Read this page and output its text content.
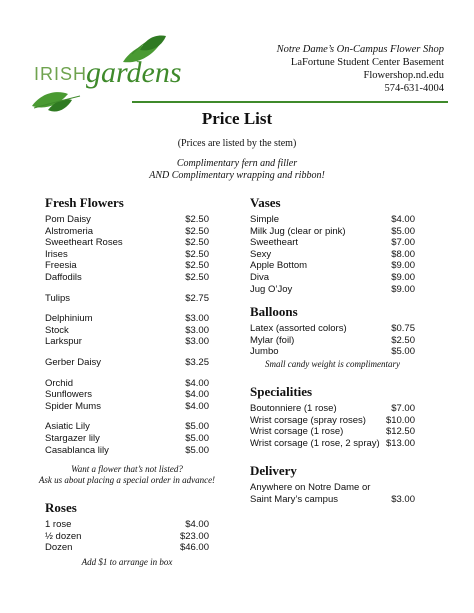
IRISH
gardens
Notre Dame’s On-Campus Flower Shop
LaFortune Student Center Basement
Flowershop.nd.edu
574-631-4004
Price List
(Prices are listed by the stem)
Complimentary fern and filler
AND Complimentary wrapping and ribbon!
Fresh Flowers
Pom Daisy	$2.50
Alstromeria	$2.50
Sweetheart Roses	$2.50
Irises	$2.50
Freesia	$2.50
Daffodils	$2.50
Tulips	$2.75
Delphinium	$3.00
Stock	$3.00
Larkspur	$3.00
Gerber Daisy	$3.25
Orchid	$4.00
Sunflowers	$4.00
Spider Mums	$4.00
Asiatic Lily	$5.00
Stargazer lily	$5.00
Casablanca lily	$5.00
Want a flower that’s not listed?
Ask us about placing a special order in advance!
Roses
1 rose	$4.00
½ dozen	$23.00
Dozen	$46.00
Add $1 to arrange in box
Vases
Simple	$4.00
Milk Jug (clear or pink)	$5.00
Sweetheart	$7.00
Sexy	$8.00
Apple Bottom	$9.00
Diva	$9.00
Jug O’Joy	$9.00
Balloons
Latex (assorted colors)	$0.75
Mylar (foil)	$2.50
Jumbo	$5.00
Small candy weight is complimentary
Specialities
Boutonniere (1 rose)	$7.00
Wrist corsage (spray roses) $10.00
Wrist corsage (1 rose)	$12.50
Wrist corsage (1 rose, 2 spray) $13.00
Delivery
Anywhere on Notre Dame or
Saint Mary’s campus	$3.00
